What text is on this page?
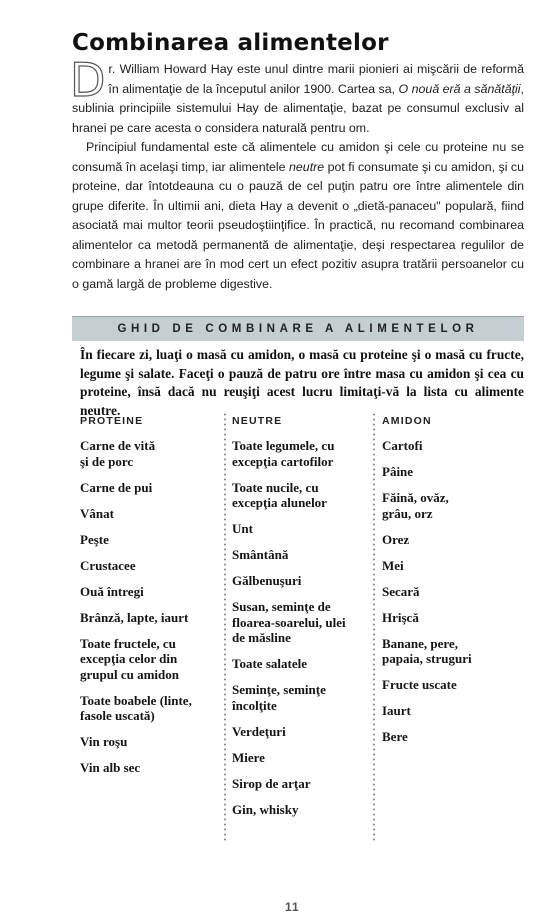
Combinarea alimentelor

Dr. William Howard Hay este unul dintre marii pionieri ai mişcării de reformă în alimentaţie de la începutul anilor 1900. Cartea sa, O nouă eră a sănătăţii, sublinia principiile sistemului Hay de alimentaţie, bazat pe consumul exclusiv al hranei pe care acesta o considera naturală pentru om.

Principiul fundamental este că alimentele cu amidon şi cele cu proteine nu se consumă în acelaşi timp, iar alimentele neutre pot fi consumate şi cu amidon, şi cu proteine, dar întotdeauna cu o pauză de cel puţin patru ore între alimentele din grupe diferite. În ultimii ani, dieta Hay a devenit o „dietă-panaceu" populară, fiind asociată mai multor teorii pseudoştiinţifice. În practică, nu recomand combinarea alimentelor ca metodă permanentă de alimentaţie, deşi respectarea regulilor de combinare a hranei are în mod cert un efect pozitiv asupra tratării persoanelor cu o gamă largă de probleme digestive.

GHID DE COMBINARE A ALIMENTELOR
În fiecare zi, luaţi o masă cu amidon, o masă cu proteine şi o masă cu fructe, legume şi salate. Faceţi o pauză de patru ore între masa cu amidon şi cea cu proteine, însă dacă nu reuşiţi acest lucru limitaţi-vă la lista cu alimente neutre.
PROTEINE
Carne de vită
şi de porc
Carne de pui
Vânat
Peşte
Crustacee
Ouă întregi
Brânză, lapte, iaurt
Toate fructele, cu
excepţia celor din
grupul cu amidon
Toate boabele (linte,
fasole uscată)
Vin roşu
Vin alb sec
NEUTRE
Toate legumele, cu
excepţia cartofilor
Toate nucile, cu
excepţia alunelor
Unt
Smântână
Gălbenuşuri
Susan, seminţe de
floarea-soarelui, ulei
de măsline
Toate salatele
Seminţe, seminţe
încolţite
Verdeţuri
Miere
Sirop de arţar
Gin, whisky
AMIDON
Cartofi
Pâine
Făină, ovăz,
grâu, orz
Orez
Mei
Secară
Hrişcă
Banane, pere,
papaia, struguri
Fructe uscate
Iaurt
Bere
11
